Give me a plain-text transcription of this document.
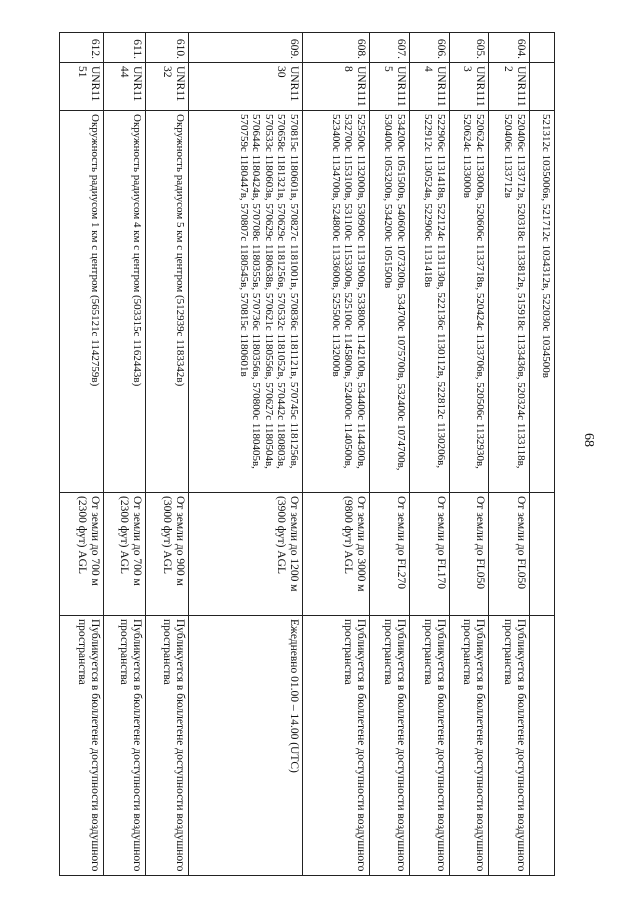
68
		521312с 1035006в, 521712с 1034312в, 522030с 1034500в		
604.	UNR1112	520406с 1133712в, 520318с 1133812в, 515918с 1133436в, 520324с 1133118в, 520406с 1133712в	От земли до FL050	Публикуется в бюллетене доступности воздушного пространства
605.	UNR1113	520624с 1133000в, 520606с 1133718в, 520424с 1133706в, 520506с 1132930в, 520624с 1133000в	От земли до FL050	Публикуется в бюллетене доступности воздушного пространства
606.	UNR1114	522906с 1131418в, 522124с 1131130в, 522136с 1130112в, 522812с 1130206в, 522912с 1130524в, 522906с 1131418в	От земли до FL170	Публикуется в бюллетене доступности воздушного пространства
607.	UNR1115	534200с 1051500в, 540600с 1073200в, 534700с 1075700в, 532400с 1074700в, 530400с 1053200в, 534200с 1051500в	От земли до FL270	Публикуется в бюллетене доступности воздушного пространства
608.	UNR1118	525500с 1132000в, 530900с 1131900в, 533800с 1142100в, 534400с 1144300в, 532700с 1153100в, 531100с 1153300в, 525100с 1145800в, 524000с 1140500в, 523400с 1134700в, 524800с 1133600в, 525500с 1132000в	От земли до 3000 м (9800 фут) AGL	Публикуется в бюллетене доступности воздушного пространства
609.	UNR1130	570815с 1180601в, 570827с 1181001в, 570836с 1181121в, 570745с 1181256в, 570658с 1181321в, 570629с 1181256в, 570532с 1181052в, 570442с 1180803в, 570533с 1180603в, 570629с 1180638в, 570621с 1180556в, 570627с 1180504в, 570644с 1180424в, 570708с 1180355в, 570736с 1180356в, 570800с 1180405в, 570759с 1180447в, 570807с 1180545в, 570815с 1180601в	От земли до 1200 м (3900 фут) AGL	Ежедневно 01.00 – 14.00 (UTC)
610.	UNR1132	Окружность радиусом 5 км с центром (512939с 1183342в)	От земли до 900 м (3000 фут) AGL	Публикуется в бюллетене доступности воздушного пространства
611.	UNR1144	Окружность радиусом 4 км с центром (503315с 1162443в)	От земли до 700 м (2300 фут) AGL	Публикуется в бюллетене доступности воздушного пространства
612.	UNR1151	Окружность радиусом 1 км с центром (565121с 1142759в)	От земли до 700 м (2300 фут) AGL	Публикуется в бюллетене доступности воздушного пространства
